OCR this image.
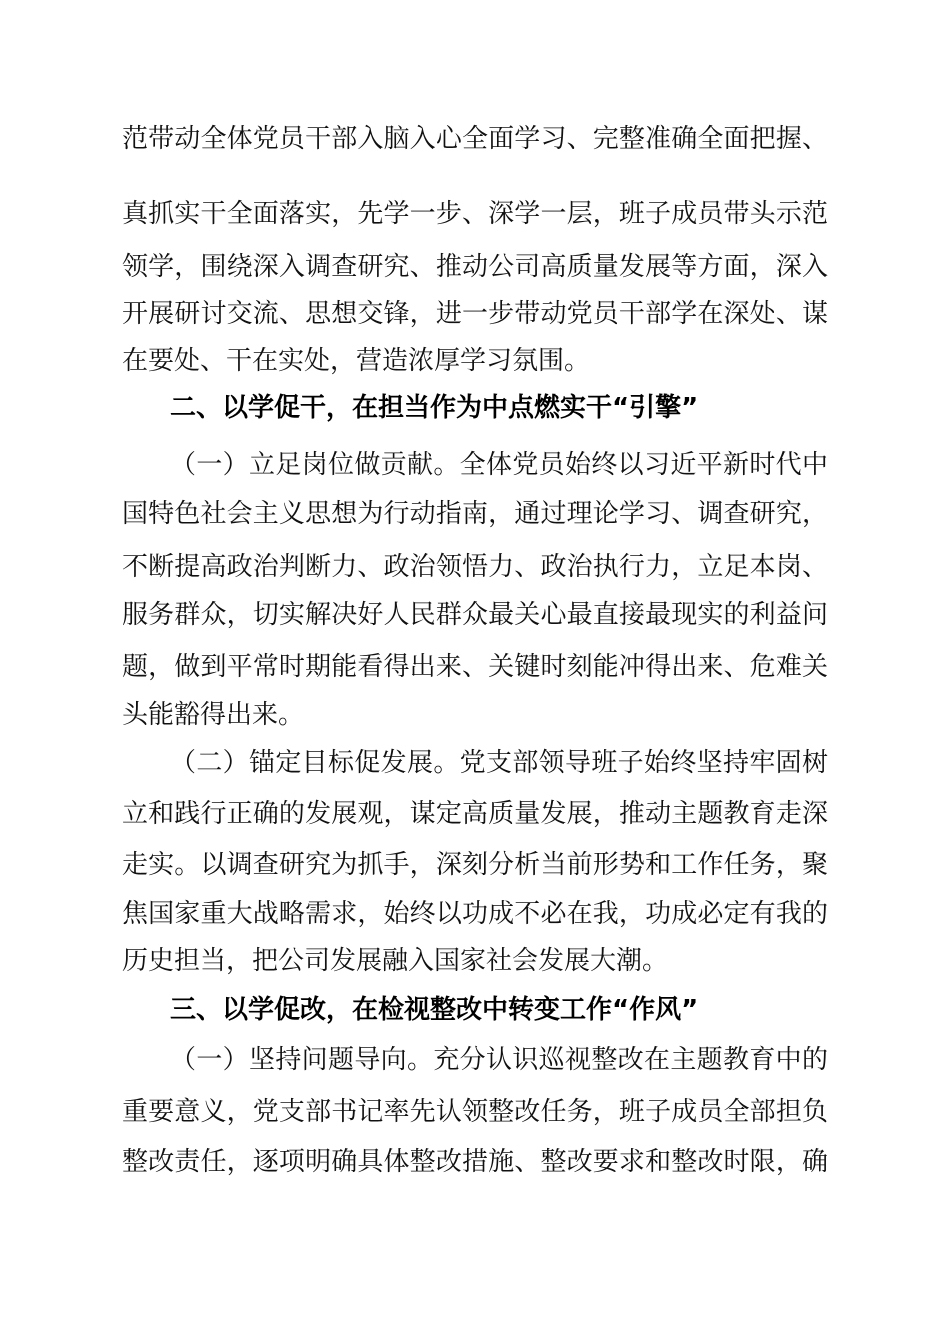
范带动全体党员干部入脑入心全面学习、完整准确全面把握、
真抓实干全面落实，先学一步、深学一层，班子成员带头示范
领学，围绕深入调查研究、推动公司高质量发展等方面，深入
开展研讨交流、思想交锋，进一步带动党员干部学在深处、谋
在要处、干在实处，营造浓厚学习氛围。
二、以学促干，在担当作为中点燃实干“引擎”
（一）立足岗位做贡献。全体党员始终以习近平新时代中
国特色社会主义思想为行动指南，通过理论学习、调查研究，
不断提高政治判断力、政治领悟力、政治执行力，立足本岗、
服务群众，切实解决好人民群众最关心最直接最现实的利益问
题，做到平常时期能看得出来、关键时刻能冲得出来、危难关
头能豁得出来。
（二）锚定目标促发展。党支部领导班子始终坚持牢固树
立和践行正确的发展观，谋定高质量发展，推动主题教育走深
走实。以调查研究为抓手，深刻分析当前形势和工作任务，聚
焦国家重大战略需求，始终以功成不必在我，功成必定有我的
历史担当，把公司发展融入国家社会发展大潮。
三、以学促改，在检视整改中转变工作“作风”
（一）坚持问题导向。充分认识巡视整改在主题教育中的
重要意义，党支部书记率先认领整改任务，班子成员全部担负
整改责任，逐项明确具体整改措施、整改要求和整改时限，确
